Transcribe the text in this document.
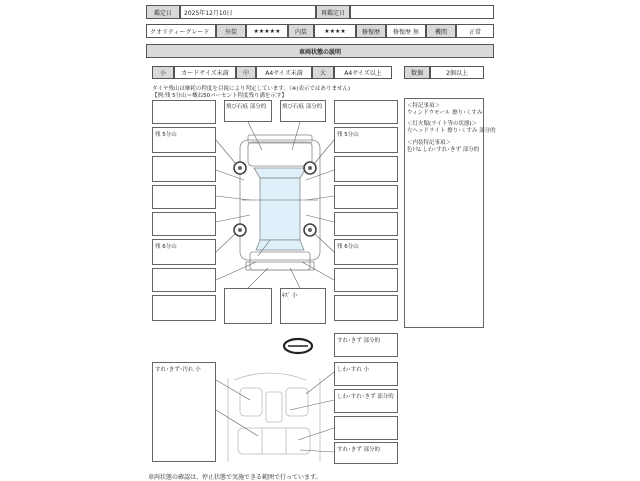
鑑定日	2025年12月10日	再鑑定日
クオリティーグレード	外装	★★★★★	内装	★★★★	修復歴	修復歴 無	機関	正常
車両状態の説明
小	カードサイズ未満	中	A4サイズ未満	大	A4サイズ以上	数個	2個以上
タイヤ残山は摩耗の程度を目視により判定しています。（※)表示ではありません)
【例:残 5分山＝概ね50パーセント程度残り溝を示す】
＜特記事項＞
ウィンドウモール 擦り･くすみ
＜灯火類(ライト等の状態)＞
左ヘッドライト 擦り･くすみ 部分的
＜内装特記事項＞
色ﾄﾘﾑ しわ･すれ･きず 部分的
飛び石痕 部分的	飛び石痕 部分的
残 5分山	残 5分山
残 6分山	残 6分山
ｷｽﾞ 小
すれ･きず 部分的
すれ･きず･汚れ 小	しわ･すれ 小
しわ･すれ･きず 部分的
すれ･きず 部分的
車両状態の確認は、停止状態で実施できる範囲で行っています。
